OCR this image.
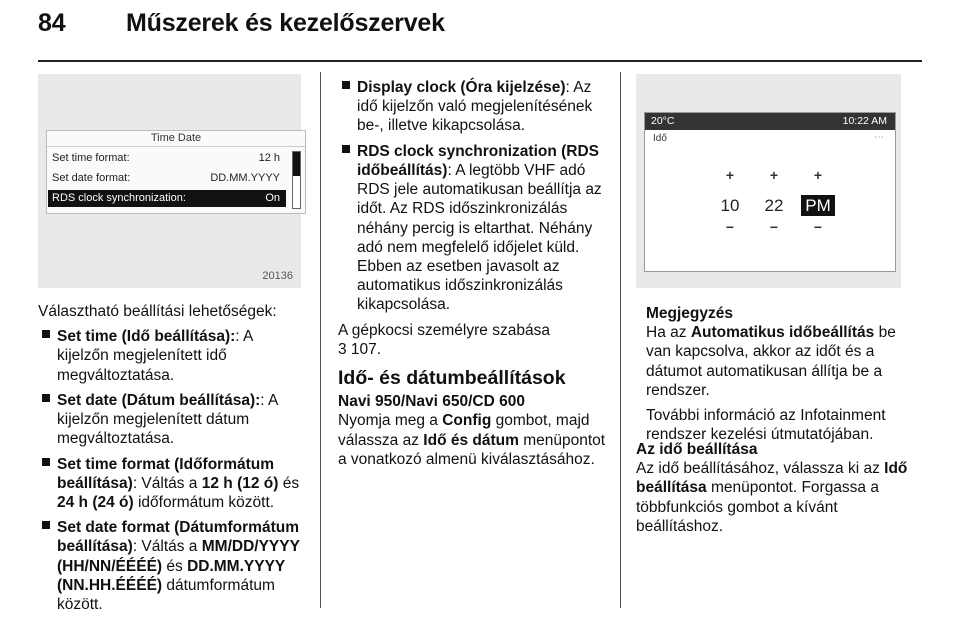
84 Műszerek és kezelőszervek
Time Date
Set time format:	12 h
Set date format:	DD.MM.YYYY
RDS clock synchronization:	On
20136

Választható beállítási lehetőségek:

Set time (Idő beállítása):: A kijelzőn megjelenített idő megváltoztatása.
Set date (Dátum beállítása):: A kijelzőn megjelenített dátum megváltoztatása.
Set time format (Időformátum beállítása): Váltás a 12 h (12 ó) és 24 h (24 ó) időformátum között.
Set date format (Dátumformátum beállítása): Váltás a MM/DD/YYYY (HH/NN/ÉÉÉÉ) és DD.MM.YYYY (NN.HH.ÉÉÉÉ) dátumformátum között.
Display clock (Óra kijelzése): Az idő kijelzőn való megjelenítésének be-, illetve kikapcsolása.
RDS clock synchronization (RDS időbeállítás): A legtöbb VHF adó RDS jele automatikusan beállítja az időt. Az RDS időszinkronizálás néhány percig is eltarthat. Néhány adó nem megfelelő időjelet küld. Ebben az esetben javasolt az automatikus időszinkronizálás kikapcsolása.

A gépkocsi személyre szabása
3 107.

Idő- és dátumbeállítások
Navi 950/Navi 650/CD 600

Nyomja meg a Config gombot, majd válassza az Idő és dátum menüpontot a vonatkozó almenü kiválasztásához.

20°C	10:22 AM
Idő	⋯
+
10
−
+
22
−
+
PM
−
Megjegyzés

Ha az Automatikus időbeállítás be van kapcsolva, akkor az időt és a dátumot automatikusan állítja be a rendszer.

További információ az Infotainment rendszer kezelési útmutatójában.

Az idő beállítása

Az idő beállításához, válassza ki az Idő beállítása menüpontot. Forgassa a többfunkciós gombot a kívánt beállításhoz.
